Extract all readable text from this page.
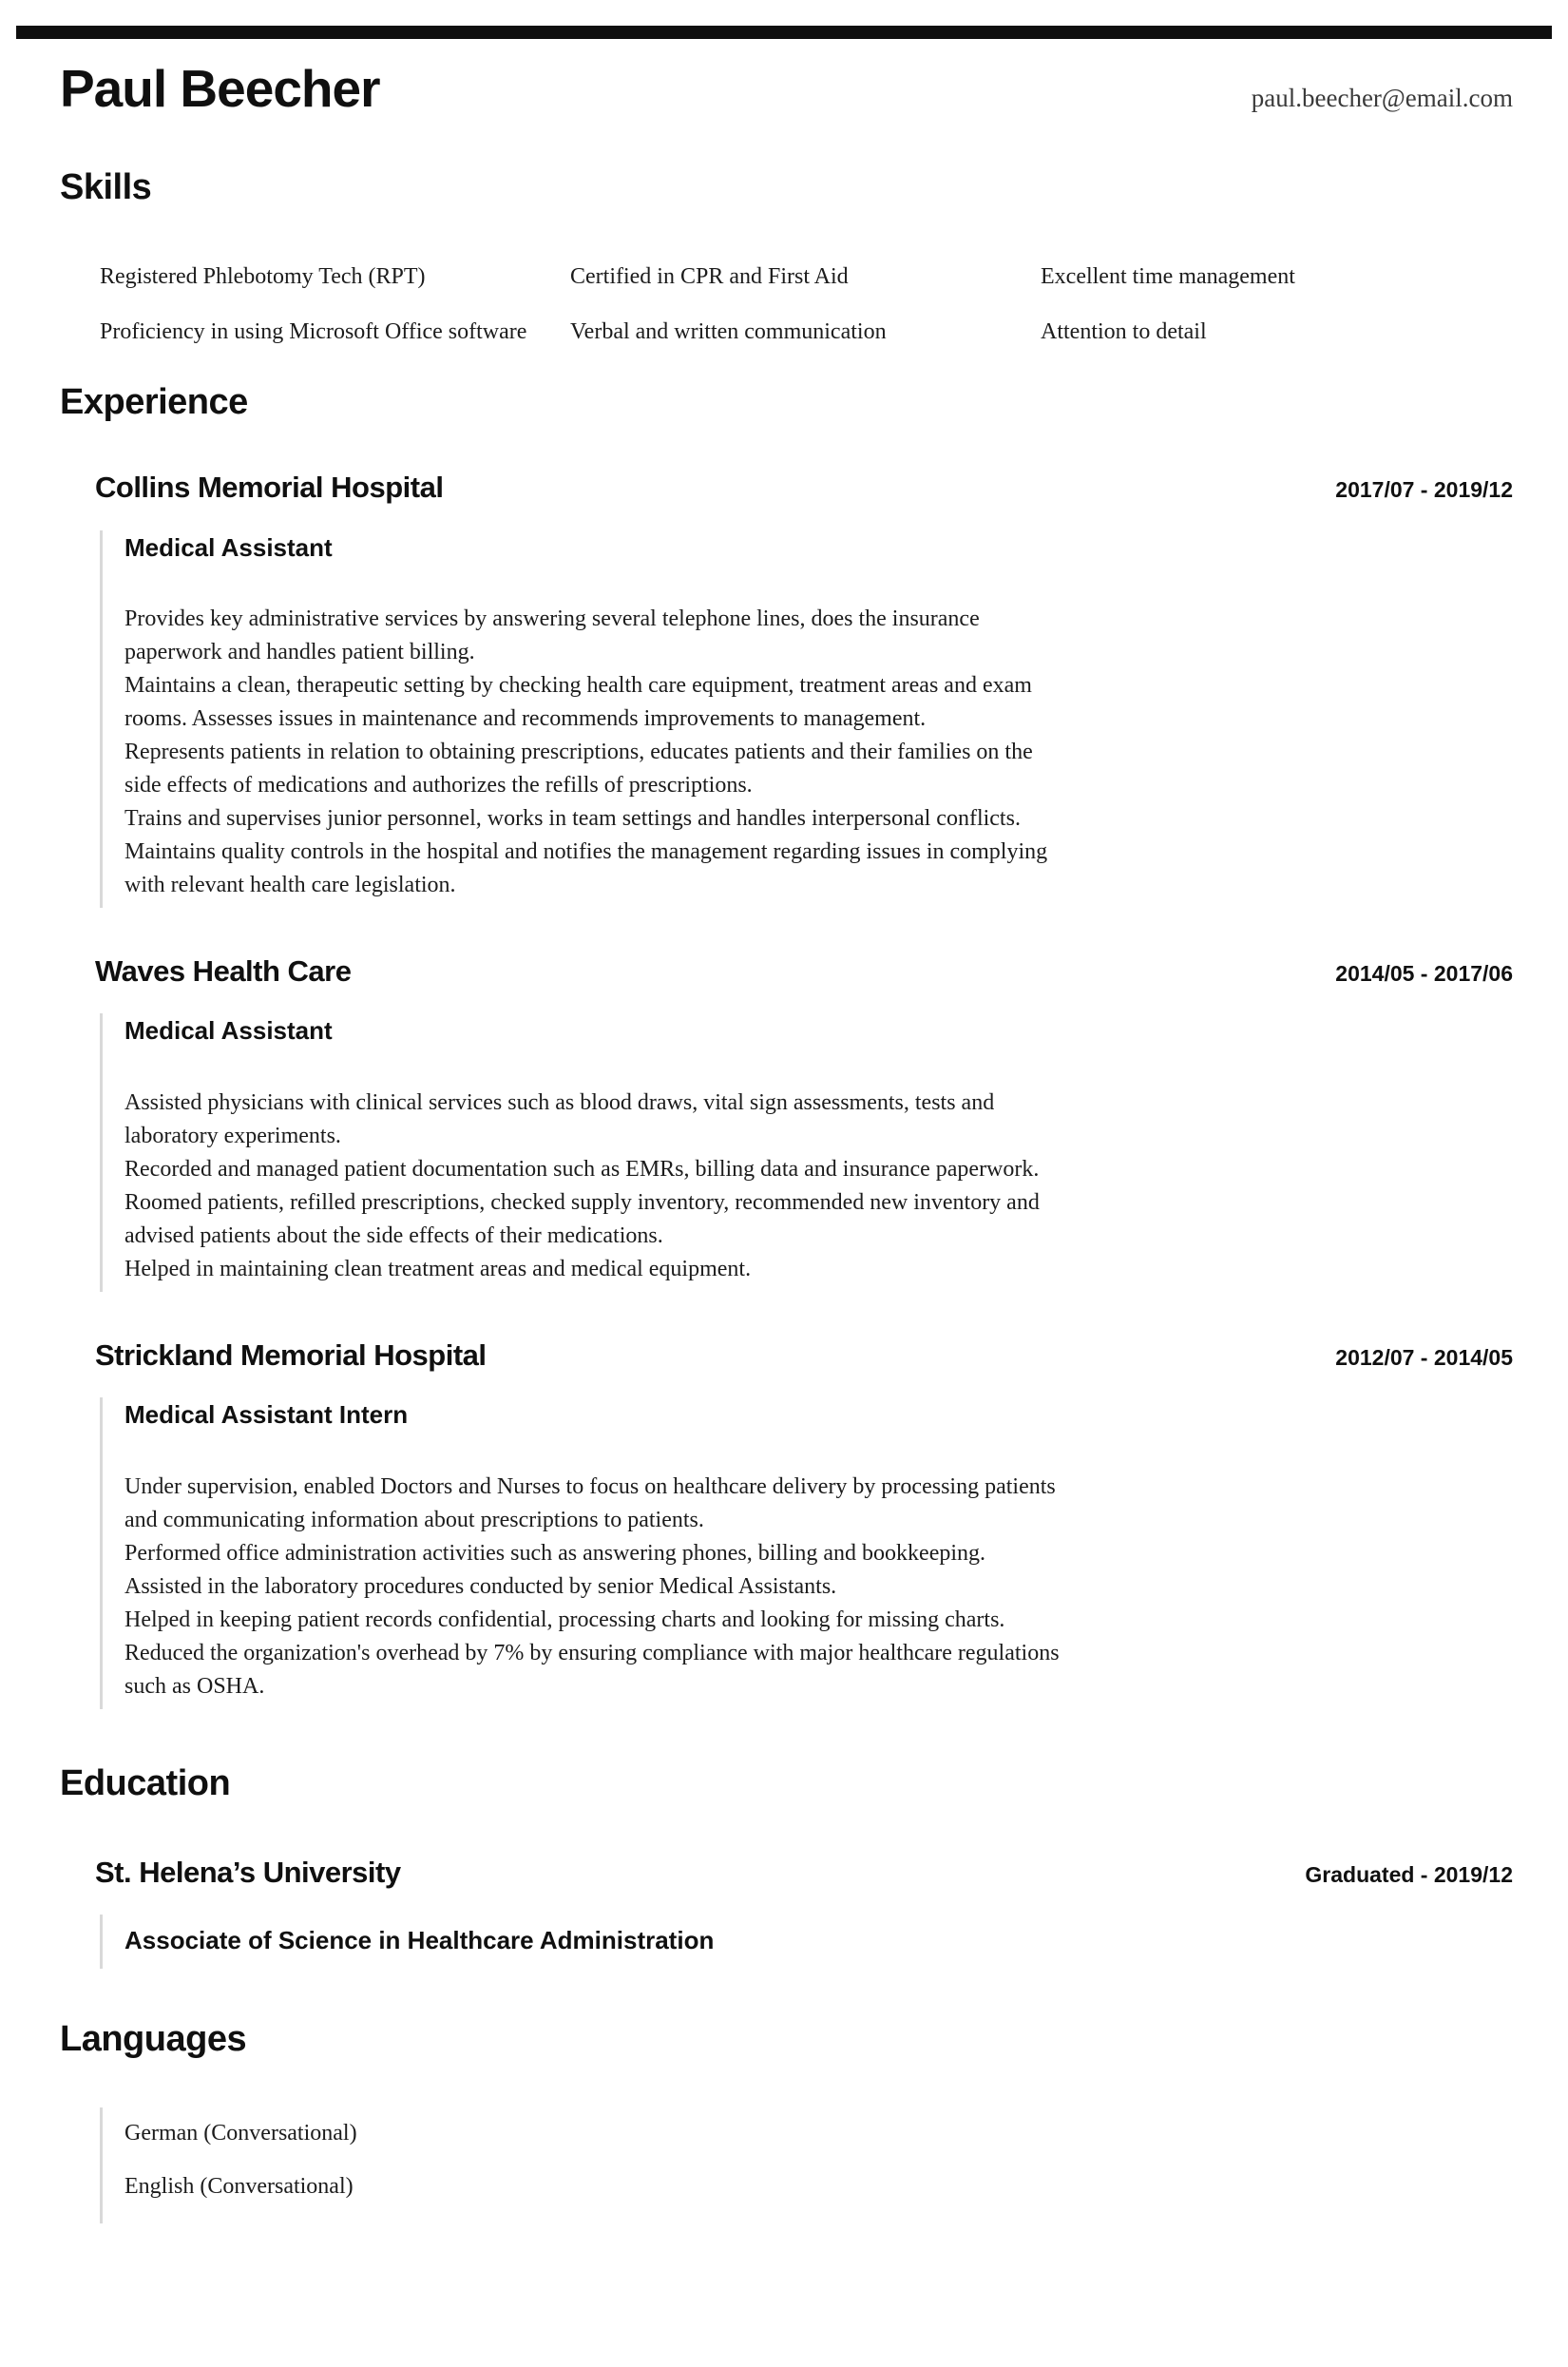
Paul Beecher	paul.beecher@email.com
Skills
Registered Phlebotomy Tech (RPT)	Certified in CPR and First Aid	Excellent time management
Proficiency in using Microsoft Office software	Verbal and written communication	Attention to detail
Experience
Collins Memorial Hospital	2017/07 - 2019/12
Medical Assistant

Provides key administrative services by answering several telephone lines, does the insurance paperwork and handles patient billing.

Maintains a clean, therapeutic setting by checking health care equipment, treatment areas and exam rooms. Assesses issues in maintenance and recommends improvements to management.

Represents patients in relation to obtaining prescriptions, educates patients and their families on the side effects of medications and authorizes the refills of prescriptions.

Trains and supervises junior personnel, works in team settings and handles interpersonal conflicts.

Maintains quality controls in the hospital and notifies the management regarding issues in complying with relevant health care legislation.

Waves Health Care	2014/05 - 2017/06
Medical Assistant

Assisted physicians with clinical services such as blood draws, vital sign assessments, tests and laboratory experiments.

Recorded and managed patient documentation such as EMRs, billing data and insurance paperwork.

Roomed patients, refilled prescriptions, checked supply inventory, recommended new inventory and advised patients about the side effects of their medications.

Helped in maintaining clean treatment areas and medical equipment.

Strickland Memorial Hospital	2012/07 - 2014/05
Medical Assistant Intern

Under supervision, enabled Doctors and Nurses to focus on healthcare delivery by processing patients and communicating information about prescriptions to patients.

Performed office administration activities such as answering phones, billing and bookkeeping.

Assisted in the laboratory procedures conducted by senior Medical Assistants.

Helped in keeping patient records confidential, processing charts and looking for missing charts.

Reduced the organization's overhead by 7% by ensuring compliance with major healthcare regulations such as OSHA.

Education
St. Helena’s University	Graduated - 2019/12
Associate of Science in Healthcare Administration
Languages
German (Conversational)
English (Conversational)
